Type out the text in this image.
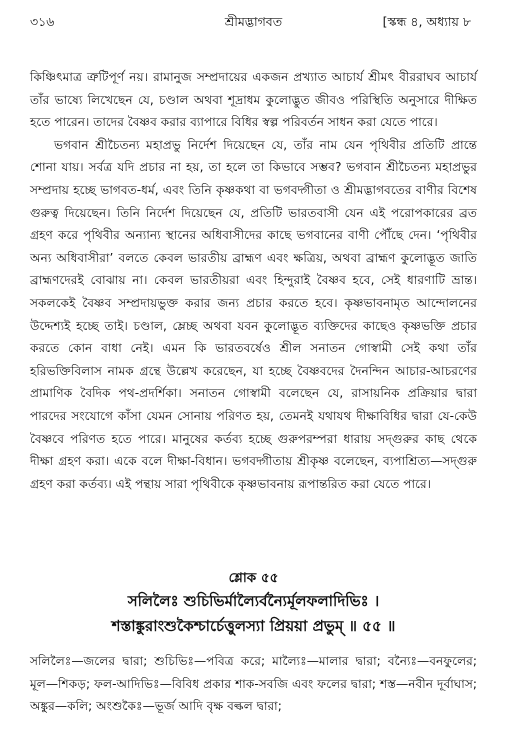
৩১৬	শ্রীমদ্ভাগবত	[স্কন্ধ ৪, অধ্যায় ৮

কিঞ্চিৎমাত্র ত্রুটিপূর্ণ নয়। রামানুজ সম্প্রদায়ের একজন প্রখ্যাত আচার্য শ্রীমৎ বীররাঘব আচার্য তাঁর ভাষ্যে লিখেছেন যে, চণ্ডাল অথবা শূদ্রাধম কুলোদ্ভুত জীবও পরিস্থিতি অনুসারে দীক্ষিত হতে পারেন। তাদের বৈষ্ণব করার ব্যাপারে বিধির স্বল্প পরিবর্তন সাধন করা যেতে পারে।

ভগবান শ্রীচৈতন্য মহাপ্রভু নির্দেশ দিয়েছেন যে, তাঁর নাম যেন পৃথিবীর প্রতিটি প্রান্তে শোনা যায়। সর্বত্র যদি প্রচার না হয়, তা হলে তা কিভাবে সম্ভব? ভগবান শ্রীচৈতন্য মহাপ্রভুর সম্প্রদায় হচ্ছে ভাগবত-ধর্ম, এবং তিনি কৃষ্ণকথা বা ভগবদ্গীতা ও শ্রীমদ্ভাগবতের বাণীর বিশেষ গুরুত্ব দিয়েছেন। তিনি নির্দেশ দিয়েছেন যে, প্রতিটি ভারতবাসী যেন এই পরোপকারের ব্রত গ্রহণ করে পৃথিবীর অন্যান্য স্থানের অধিবাসীদের কাছে ভগবানের বাণী পৌঁছে দেন। ‘পৃথিবীর অন্য অধিবাসীরা’ বলতে কেবল ভারতীয় ব্রাহ্মণ এবং ক্ষত্রিয়, অথবা ব্রাহ্মণ কুলোদ্ভূত জাতি ব্রাহ্মণদেরই বোঝায় না। কেবল ভারতীয়রা এবং হিন্দুরাই বৈষ্ণব হবে, সেই ধারণাটি ভ্রান্ত। সকলকেই বৈষ্ণব সম্প্রদায়ভুক্ত করার জন্য প্রচার করতে হবে। কৃষ্ণভাবনামৃত আন্দোলনের উদ্দেশ্যই হচ্ছে তাই। চণ্ডাল, ম্লেচ্ছ অথবা যবন কুলোদ্ভূত ব্যক্তিদের কাছেও কৃষ্ণভক্তি প্রচার করতে কোন বাধা নেই। এমন কি ভারতবর্ষেও শ্রীল সনাতন গোস্বামী সেই কথা তাঁর হরিভক্তিবিলাস নামক গ্রন্থে উল্লেখ করেছেন, যা হচ্ছে বৈষ্ণবদের দৈনন্দিন আচার-আচরণের প্রামাণিক বৈদিক পথ-প্রদর্শিকা। সনাতন গোস্বামী বলেছেন যে, রাসায়নিক প্রক্রিয়ার দ্বারা পারদের সংযোগে কাঁসা যেমন সোনায় পরিণত হয়, তেমনই যথাযথ দীক্ষাবিধির দ্বারা যে-কেউ বৈষ্ণবে পরিণত হতে পারে। মানুষের কর্তব্য হচ্ছে গুরুপরম্পরা ধারায় সদ্‌গুরুর কাছ থেকে দীক্ষা গ্রহণ করা। একে বলে দীক্ষা-বিধান। ভগবদ্গীতায় শ্রীকৃষ্ণ বলেছেন, ব্যপাশ্রিত্য—সদ্‌গুরু গ্রহণ করা কর্তব্য। এই পন্থায় সারা পৃথিবীকে কৃষ্ণভাবনায় রূপান্তরিত করা যেতে পারে।

শ্লোক ৫৫
সলিলৈঃ শুচিভির্মাল্যৈর্বন্যৈর্মূলফলাদিভিঃ ।
শস্তাঙ্কুরাংশুকৈশ্চার্চেত্তুলস্যা প্রিয়য়া প্রভুম্‌ ॥ ৫৫ ॥

সলিলৈঃ—জলের দ্বারা; শুচিভিঃ—পবিত্র করে; মাল্যৈঃ—মালার দ্বারা; বন্যৈঃ—বনফুলের; মূল—শিকড়; ফল-আদিভিঃ—বিবিধ প্রকার শাক-সবজি এবং ফলের দ্বারা; শস্ত—নবীন দূর্বাঘাস; অঙ্কুর—কলি; অংশুকৈঃ—ভূর্জ আদি বৃক্ষ বল্কল দ্বারা;
